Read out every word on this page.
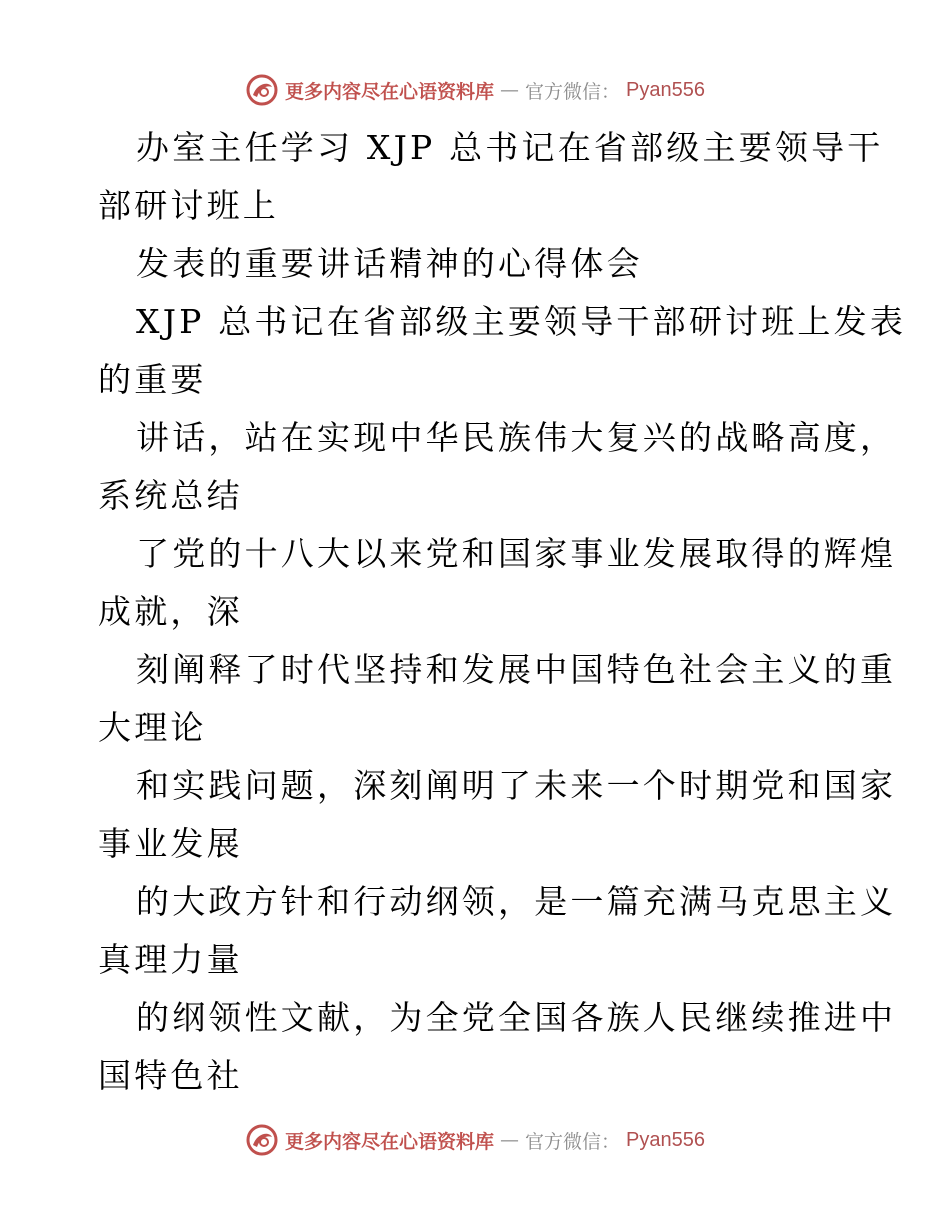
更多内容尽在心语资料库 — 官方微信： Pyan556
办室主任学习 XJP 总书记在省部级主要领导干
部研讨班上
发表的重要讲话精神的心得体会
XJP 总书记在省部级主要领导干部研讨班上发表
的重要
讲话，站在实现中华民族伟大复兴的战略高度，
系统总结
了党的十八大以来党和国家事业发展取得的辉煌
成就，深
刻阐释了时代坚持和发展中国特色社会主义的重
大理论
和实践问题，深刻阐明了未来一个时期党和国家
事业发展
的大政方针和行动纲领，是一篇充满马克思主义
真理力量
的纲领性文献，为全党全国各族人民继续推进中
国特色社
更多内容尽在心语资料库 — 官方微信： Pyan556
